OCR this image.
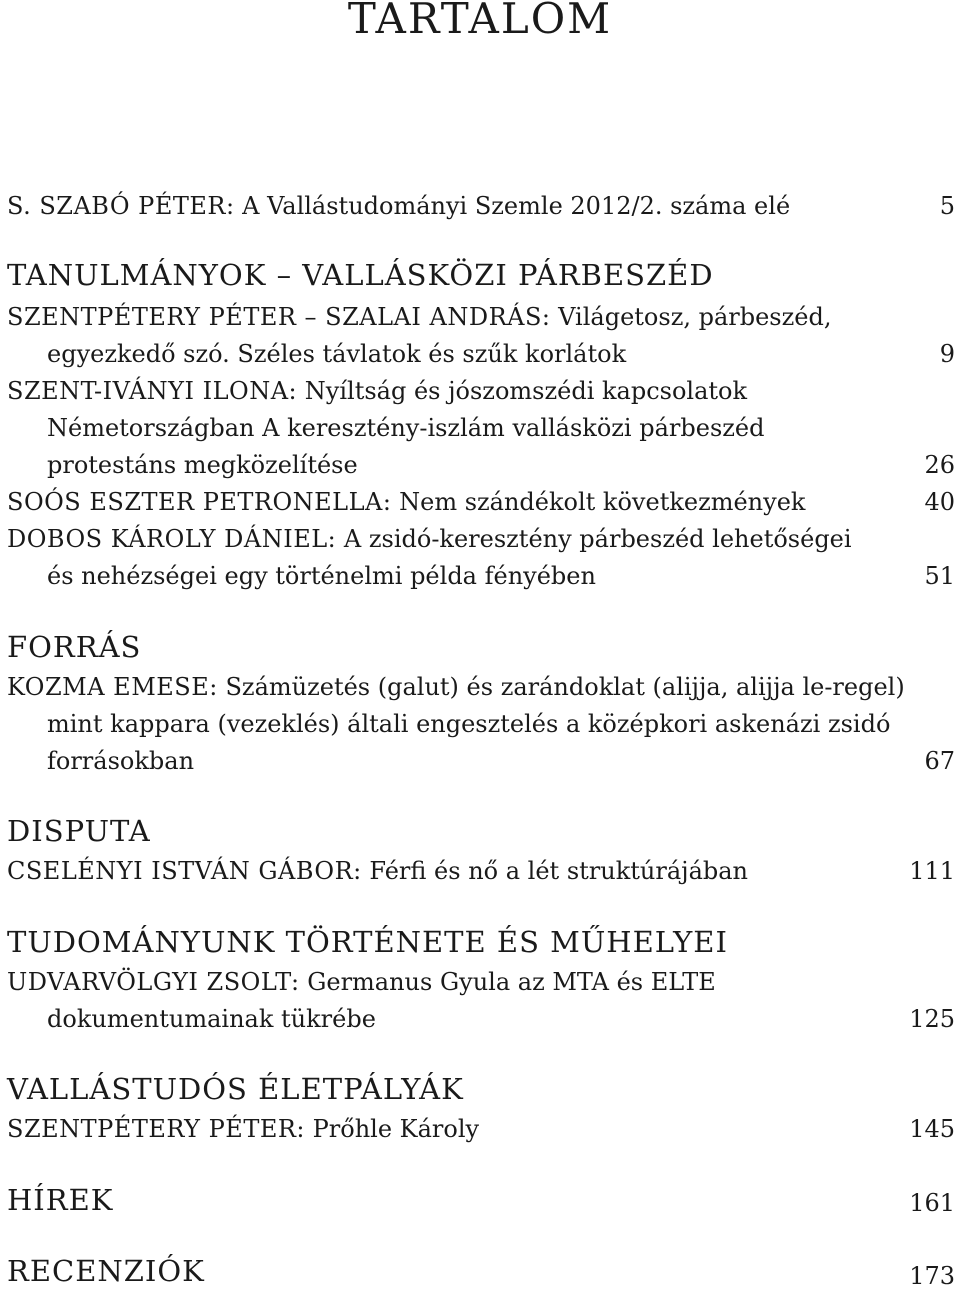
TARTALOM
S. SZABÓ PÉTER: A Vallástudományi Szemle 2012/2. száma elé	5
TANULMÁNYOK – VALLÁSKÖZI PÁRBESZÉD
SZENTPÉTERY PÉTER – SZALAI ANDRÁS: Világetosz, párbeszéd,
egyezkedő szó. Széles távlatok és szűk korlátok	9
SZENT-IVÁNYI ILONA: Nyíltság és jószomszédi kapcsolatok
Németországban A keresztény-iszlám vallásközi párbeszéd
protestáns megközelítése	26
SOÓS ESZTER PETRONELLA: Nem szándékolt következmények	40
DOBOS KÁROLY DÁNIEL: A zsidó-keresztény párbeszéd lehetőségei
és nehézségei egy történelmi példa fényében	51
FORRÁS
KOZMA EMESE: Számüzetés (galut) és zarándoklat (alijja, alijja le-regel)
mint kappara (vezeklés) általi engesztelés a középkori askenázi zsidó
forrásokban	67
DISPUTA
CSELÉNYI ISTVÁN GÁBOR: Férfi és nő a lét struktúrájában	111
TUDOMÁNYUNK TÖRTÉNETE ÉS MŰHELYEI
UDVARVÖLGYI ZSOLT: Germanus Gyula az MTA és ELTE
dokumentumainak tükrébe	125
VALLÁSTUDÓS ÉLETPÁLYÁK
SZENTPÉTERY PÉTER: Prőhle Károly	145
HÍREK	161
RECENZIÓK	173
